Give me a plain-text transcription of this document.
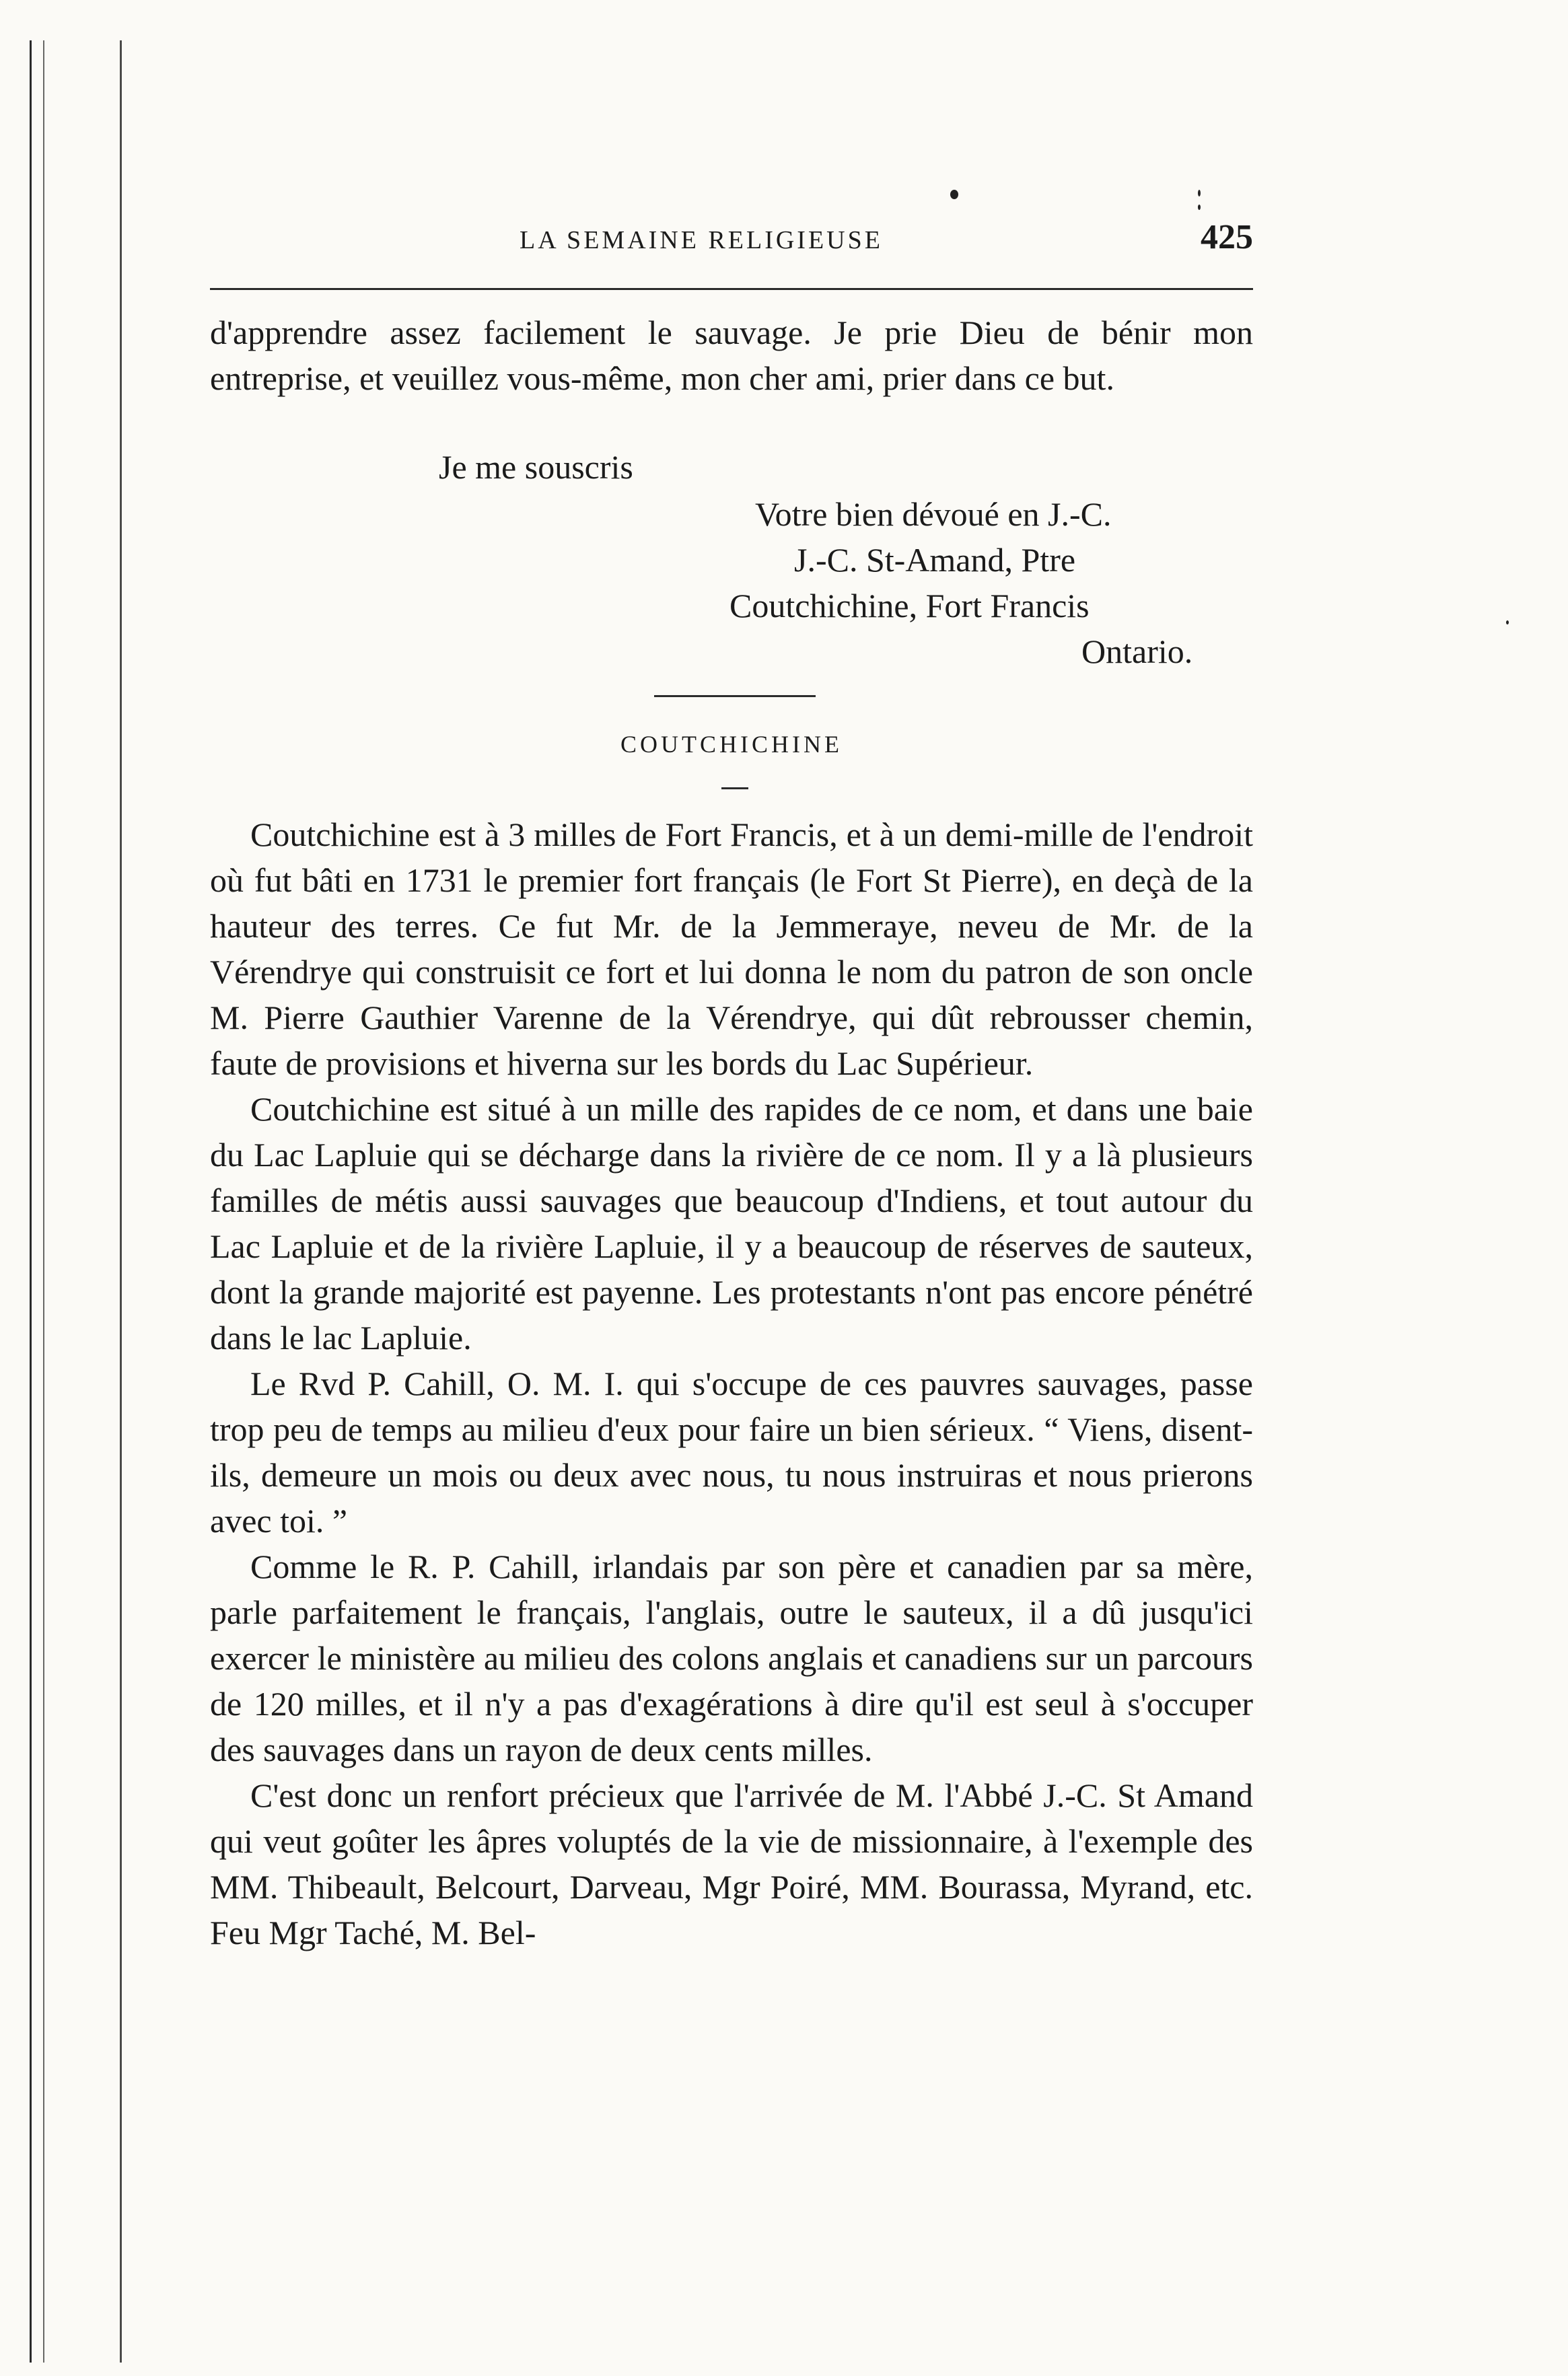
LA SEMAINE RELIGIEUSE	425
d'apprendre assez facilement le sauvage. Je prie Dieu de bénir mon entreprise, et veuillez vous-même, mon cher ami, prier dans ce but.
Je me souscris
Votre bien dévoué en J.-C.
J.-C. St-Amand, Ptre
Coutchichine, Fort Francis
Ontario.
COUTCHICHINE

Coutchichine est à 3 milles de Fort Francis, et à un demi-mille de l'endroit où fut bâti en 1731 le premier fort français (le Fort St Pierre), en deçà de la hauteur des terres. Ce fut Mr. de la Jemmeraye, neveu de Mr. de la Vérendrye qui construisit ce fort et lui donna le nom du patron de son oncle M. Pierre Gauthier Varenne de la Vérendrye, qui dût rebrousser chemin, faute de provisions et hiverna sur les bords du Lac Supérieur.

Coutchichine est situé à un mille des rapides de ce nom, et dans une baie du Lac Lapluie qui se décharge dans la rivière de ce nom. Il y a là plusieurs familles de métis aussi sauvages que beaucoup d'Indiens, et tout autour du Lac Lapluie et de la rivière Lapluie, il y a beaucoup de réserves de sauteux, dont la grande majorité est payenne. Les protestants n'ont pas encore pénétré dans le lac Lapluie.

Le Rvd P. Cahill, O. M. I. qui s'occupe de ces pauvres sauvages, passe trop peu de temps au milieu d'eux pour faire un bien sérieux. “ Viens, disent-ils, demeure un mois ou deux avec nous, tu nous instruiras et nous prierons avec toi. ”

Comme le R. P. Cahill, irlandais par son père et canadien par sa mère, parle parfaitement le français, l'anglais, outre le sauteux, il a dû jusqu'ici exercer le ministère au milieu des colons anglais et canadiens sur un parcours de 120 milles, et il n'y a pas d'exagérations à dire qu'il est seul à s'occuper des sauvages dans un rayon de deux cents milles.

C'est donc un renfort précieux que l'arrivée de M. l'Abbé J.-C. St Amand qui veut goûter les âpres voluptés de la vie de missionnaire, à l'exemple des MM. Thibeault, Belcourt, Darveau, Mgr Poiré, MM. Bourassa, Myrand, etc. Feu Mgr Taché, M. Bel-
